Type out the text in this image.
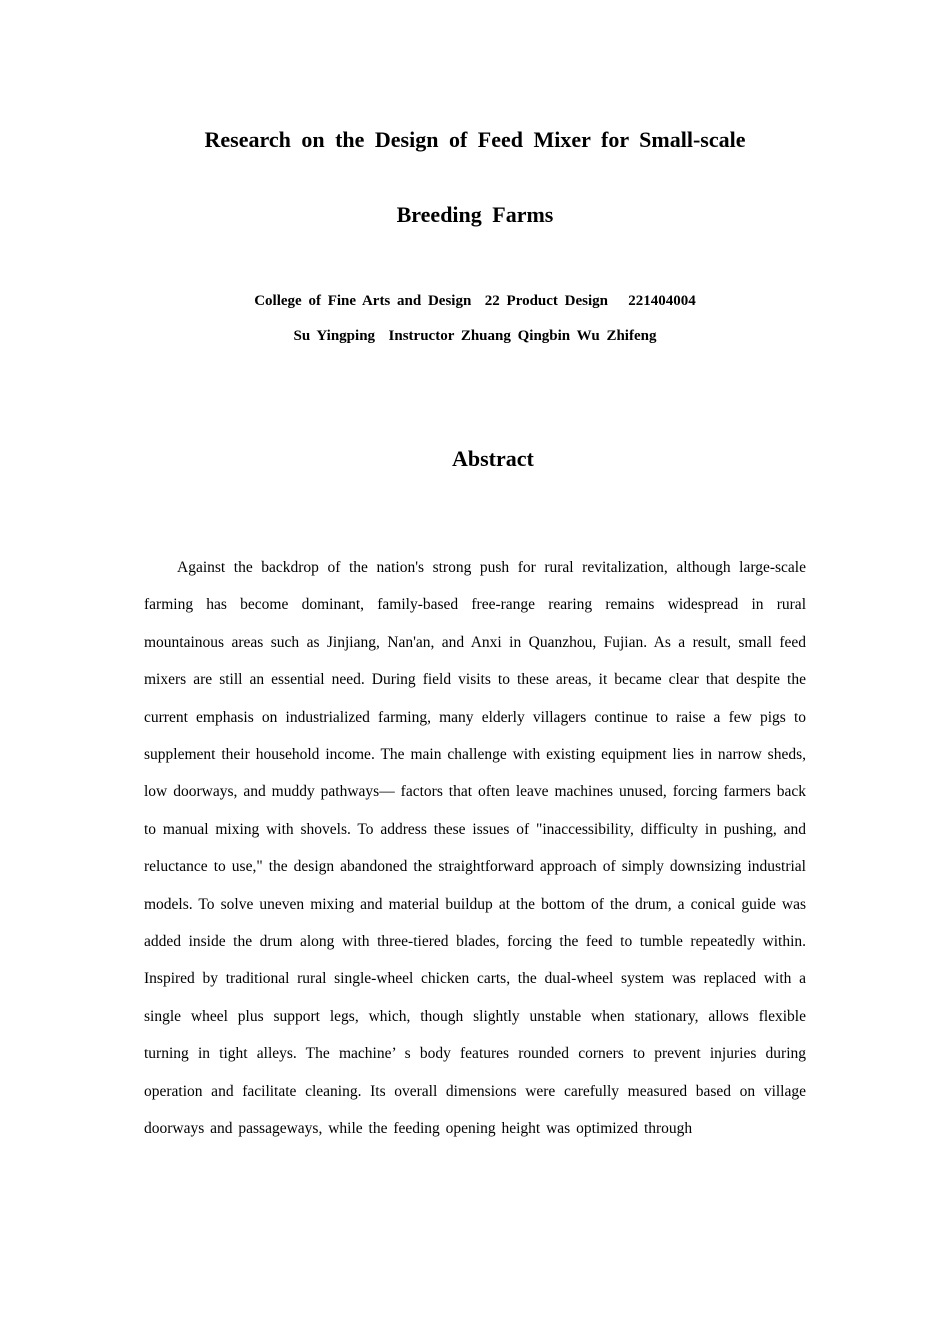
Research on the Design of Feed Mixer for Small-scale
Breeding Farms
College of Fine Arts and Design  22 Product Design   221404004
Su Yingping  Instructor Zhuang Qingbin Wu Zhifeng
Abstract

Against the backdrop of the nation's strong push for rural revitalization, although large-scale farming has become dominant, family-based free-range rearing remains widespread in rural mountainous areas such as Jinjiang, Nan'an, and Anxi in Quanzhou, Fujian. As a result, small feed mixers are still an essential need. During field visits to these areas, it became clear that despite the current emphasis on industrialized farming, many elderly villagers continue to raise a few pigs to supplement their household income. The main challenge with existing equipment lies in narrow sheds, low doorways, and muddy pathways— factors that often leave machines unused, forcing farmers back to manual mixing with shovels. To address these issues of "inaccessibility, difficulty in pushing, and reluctance to use," the design abandoned the straightforward approach of simply downsizing industrial models. To solve uneven mixing and material buildup at the bottom of the drum, a conical guide was added inside the drum along with three-tiered blades, forcing the feed to tumble repeatedly within. Inspired by traditional rural single-wheel chicken carts, the dual-wheel system was replaced with a single wheel plus support legs, which, though slightly unstable when stationary, allows flexible turning in tight alleys. The machine’ s body features rounded corners to prevent injuries during operation and facilitate cleaning. Its overall dimensions were carefully measured based on village doorways and passageways, while the feeding opening height was optimized through
